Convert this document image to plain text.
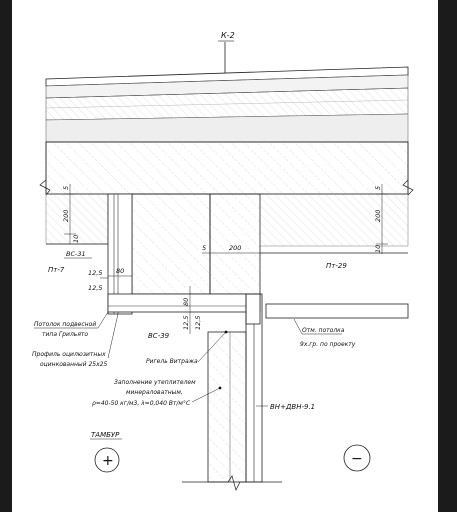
К-2
5
200
10
5
200
10
5	200
ВС-31
Пт-7	Пт-29
80
12,5
12,5
80
12,5 12,5
ВС-39
Потолок подвесной
типа Грильято
Профиль оцилюзитных
оцинкованный 25х25	Ригель Витража
Заполнение утеплителем
минераловатным,
ρ=40-50 кг/м3, λ=0,040 Вт/м°С
Отм. потолка
9х.гр. по проекту
ВН+ДВН-9.1
ТАМБУР
+	−
